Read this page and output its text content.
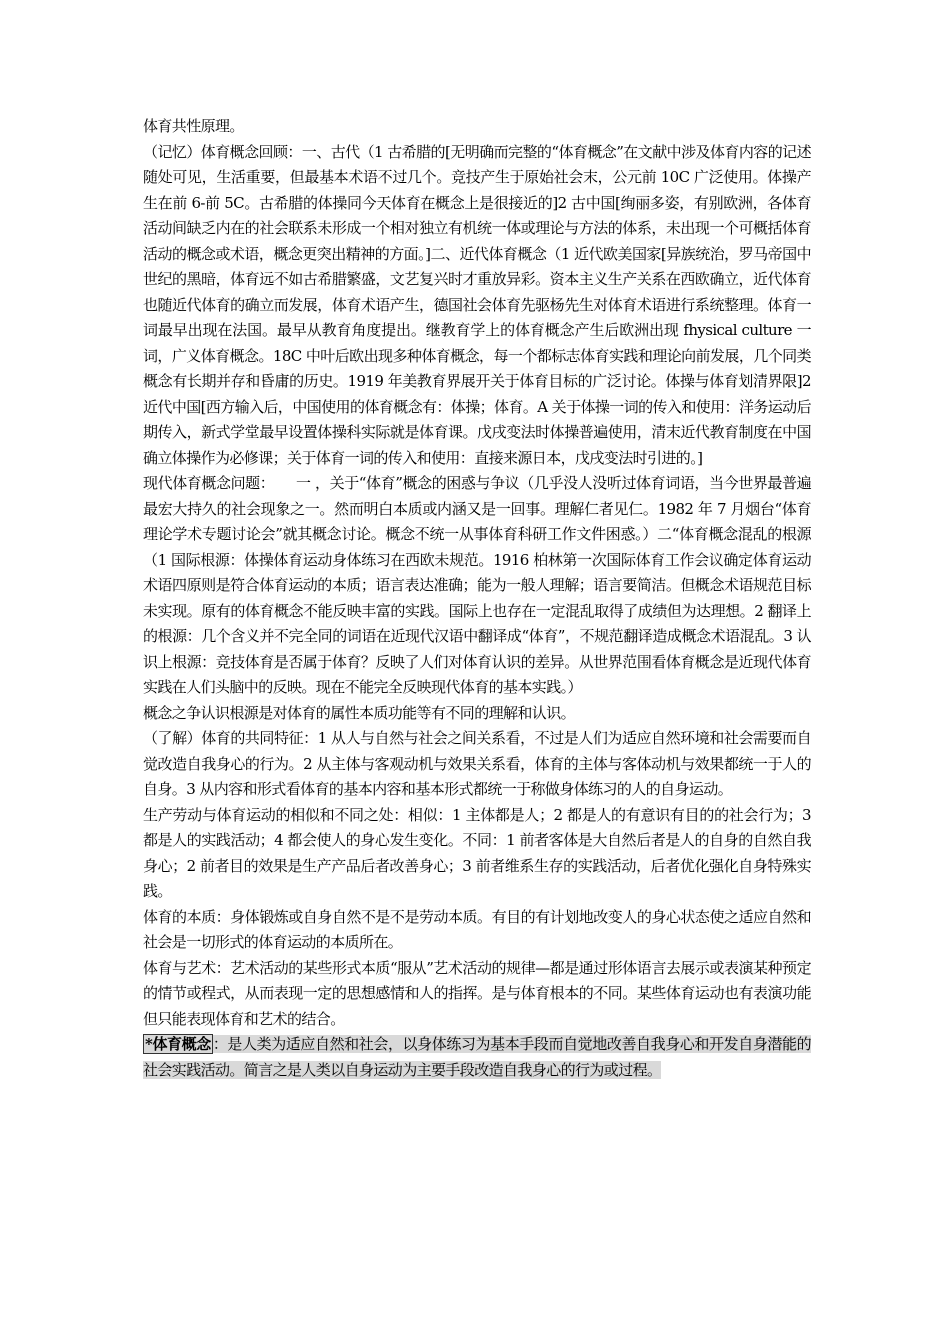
体育共性原理。

（记忆）体育概念回顾：一、古代（1 古希腊的[无明确而完整的“体育概念”在文献中涉及体育内容的记述随处可见，生活重要，但最基本术语不过几个。竞技产生于原始社会末，公元前 10C 广泛使用。体操产生在前 6-前 5C。古希腊的体操同今天体育在概念上是很接近的]2 古中国[绚丽多姿，有别欧洲，各体育活动间缺乏内在的社会联系未形成一个相对独立有机统一体或理论与方法的体系，未出现一个可概括体育活动的概念或术语，概念更突出精神的方面。]二、近代体育概念（1 近代欧美国家[异族统治，罗马帝国中世纪的黑暗，体育远不如古希腊繁盛，文艺复兴时才重放异彩。资本主义生产关系在西欧确立，近代体育也随近代体育的确立而发展，体育术语产生，德国社会体育先驱杨先生对体育术语进行系统整理。体育一词最早出现在法国。最早从教育角度提出。继教育学上的体育概念产生后欧洲出现 fhysical culture 一词，广义体育概念。18C 中叶后欧出现多种体育概念，每一个都标志体育实践和理论向前发展，几个同类概念有长期并存和昏庸的历史。1919 年美教育界展开关于体育目标的广泛讨论。体操与体育划清界限]2 近代中国[西方输入后，中国使用的体育概念有：体操；体育。A 关于体操一词的传入和使用：洋务运动后期传入，新式学堂最早设置体操科实际就是体育课。戊戌变法时体操普遍使用，清末近代教育制度在中国确立体操作为必修课；关于体育一词的传入和使用：直接来源日本，戊戌变法时引进的。]

现代体育概念问题：　　一 ，关于“体育”概念的困惑与争议（几乎没人没听过体育词语，当今世界最普遍最宏大持久的社会现象之一。然而明白本质或内涵又是一回事。理解仁者见仁。1982 年 7 月烟台“体育理论学术专题讨论会”就其概念讨论。概念不统一从事体育科研工作文件困惑。）二“体育概念混乱的根源（1 国际根源：体操体育运动身体练习在西欧未规范。1916 柏林第一次国际体育工作会议确定体育运动术语四原则是符合体育运动的本质；语言表达准确；能为一般人理解；语言要简洁。但概念术语规范目标未实现。原有的体育概念不能反映丰富的实践。国际上也存在一定混乱取得了成绩但为达理想。2 翻译上的根源：几个含义并不完全同的词语在近现代汉语中翻译成“体育”，不规范翻译造成概念术语混乱。3 认识上根源：竞技体育是否属于体育？反映了人们对体育认识的差异。从世界范围看体育概念是近现代体育实践在人们头脑中的反映。现在不能完全反映现代体育的基本实践。）

概念之争认识根源是对体育的属性本质功能等有不同的理解和认识。

（了解）体育的共同特征：1 从人与自然与社会之间关系看，不过是人们为适应自然环境和社会需要而自觉改造自我身心的行为。2 从主体与客观动机与效果关系看，体育的主体与客体动机与效果都统一于人的自身。3 从内容和形式看体育的基本内容和基本形式都统一于称做身体练习的人的自身运动。

生产劳动与体育运动的相似和不同之处：相似：1 主体都是人；2 都是人的有意识有目的的社会行为；3 都是人的实践活动；4 都会使人的身心发生变化。不同：1 前者客体是大自然后者是人的自身的自然自我身心；2 前者目的效果是生产产品后者改善身心；3 前者维系生存的实践活动，后者优化强化自身特殊实践。

体育的本质：身体锻炼或自身自然不是不是劳动本质。有目的有计划地改变人的身心状态使之适应自然和社会是一切形式的体育运动的本质所在。

体育与艺术：艺术活动的某些形式本质“服从”艺术活动的规律—都是通过形体语言去展示或表演某种预定的情节或程式，从而表现一定的思想感情和人的指挥。是与体育根本的不同。某些体育运动也有表演功能但只能表现体育和艺术的结合。

*体育概念 ：是人类为适应自然和社会，以身体练习为基本手段而自觉地改善自我身心和开发自身潜能的社会实践活动。简言之是人类以自身运动为主要手段改造自我身心的行为或过程。
